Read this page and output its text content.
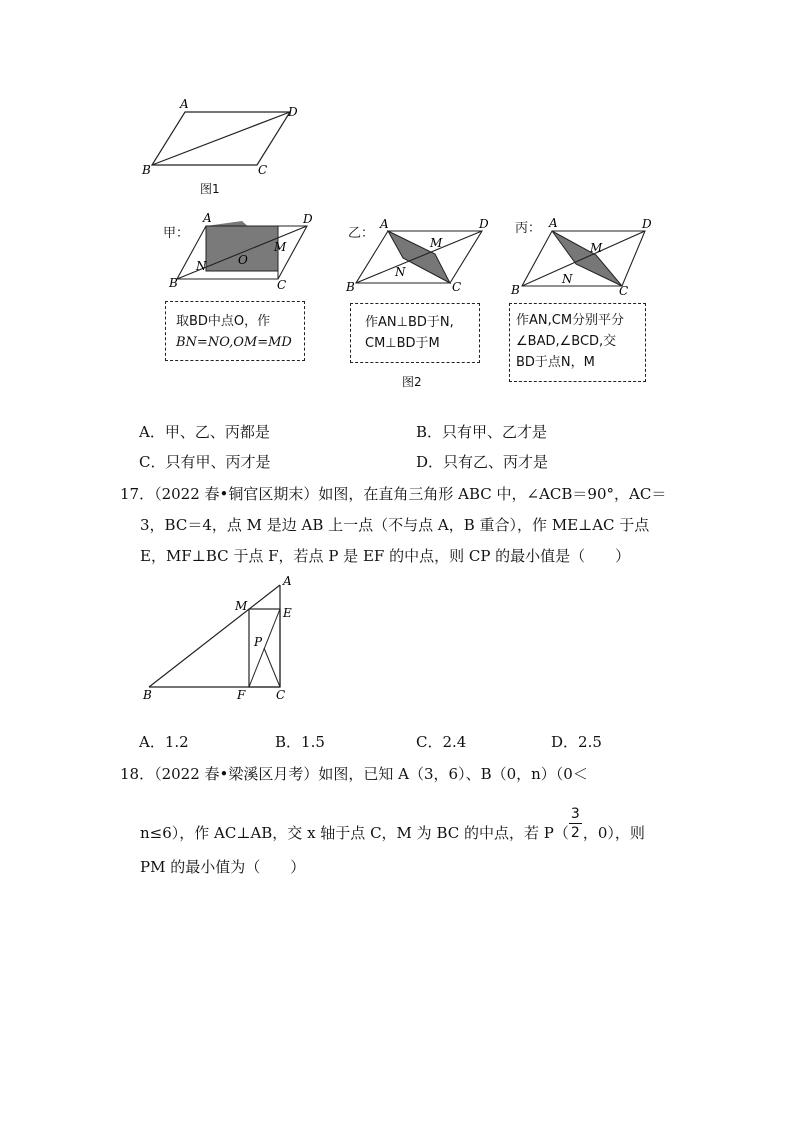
A
D
B	C
图1
甲：
A	D
M
N	O
B	C
取BD中点O，作
BN=NO,OM=MD
乙：
A	D
M
N
B	C
作AN⊥BD于N,
CM⊥BD于M
图2
丙： A	D
M
N
B	C
作AN,CM分别平分
∠BAD,∠BCD,交
BD于点N，M
A．甲、乙、丙都是	B．只有甲、乙才是
C．只有甲、丙才是	D．只有乙、丙才是
17．（2022 春•铜官区期末）如图，在直角三角形 ABC 中，∠ACB＝90°，AC＝
3，BC＝4，点 M 是边 AB 上一点（不与点 A，B 重合），作 ME⊥AC 于点
E，MF⊥BC 于点 F，若点 P 是 EF 的中点，则 CP 的最小值是（　　）
A
M	E
P
B	F	C
A．1.2	B．1.5	C．2.4	D．2.5
18．（2022 春•梁溪区月考）如图，已知 A（3，6）、B（0，n）（0＜
n≤6），作 AC⊥AB，交 x 轴于点 C，M 为 BC 的中点，若 $P( \frac{3}{2}$ ，0），则
PM 的最小值为（　　）
